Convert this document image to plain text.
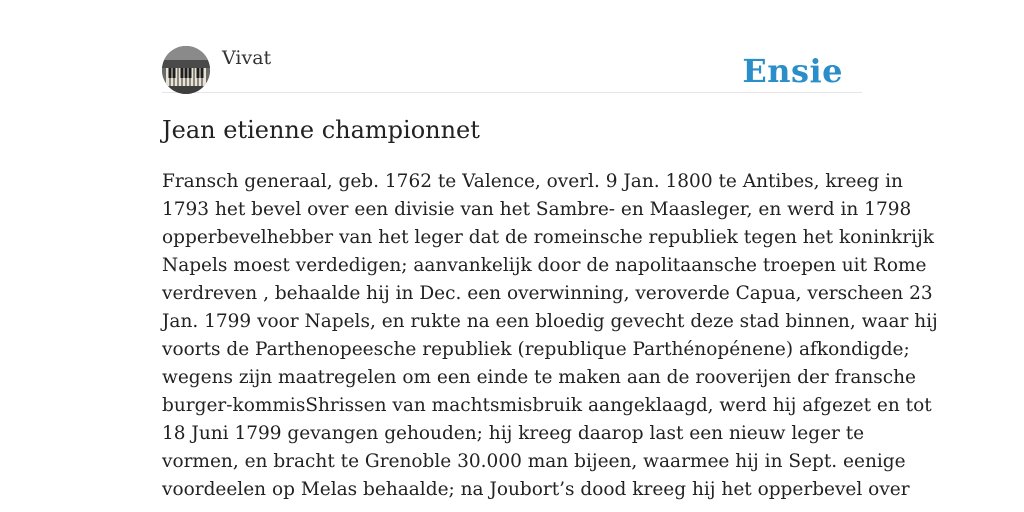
Vivat	Ensie
Jean etienne championnet
Fransch generaal, geb. 1762 te Valence, overl. 9 Jan. 1800 te Antibes, kreeg in
1793 het bevel over een divisie van het Sambre- en Maasleger, en werd in 1798
opperbevelhebber van het leger dat de romeinsche republiek tegen het koninkrijk
Napels moest verdedigen; aanvankelijk door de napolitaansche troepen uit Rome
verdreven , behaalde hij in Dec. een overwinning, veroverde Capua, verscheen 23
Jan. 1799 voor Napels, en rukte na een bloedig gevecht deze stad binnen, waar hij
voorts de Parthenopeesche republiek (republique Parthénopénene) afkondigde;
wegens zijn maatregelen om een einde te maken aan de rooverijen der fransche
burger-kommisShrissen van machtsmisbruik aangeklaagd, werd hij afgezet en tot
18 Juni 1799 gevangen gehouden; hij kreeg daarop last een nieuw leger te
vormen, en bracht te Grenoble 30.000 man bijeen, waarmee hij in Sept. eenige
voordeelen op Melas behaalde; na Joubort’s dood kreeg hij het opperbevel over
